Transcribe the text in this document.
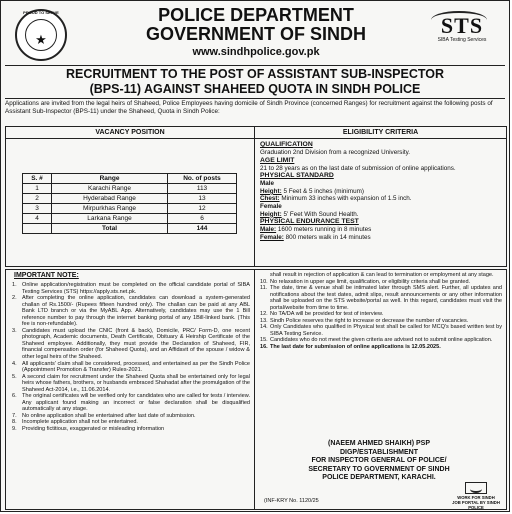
PROUD TO SERVE
★
POLICE DEPARTMENT
GOVERNMENT OF SINDH
www.sindhpolice.gov.pk
STS
SIBA Testing Services
RECRUITMENT TO THE POST OF ASSISTANT SUB-INSPECTOR
(BPS-11) AGAINST SHAHEED QUOTA IN SINDH POLICE
Applications are invited from the legal heirs of Shaheed, Police Employees having domicile of Sindh Province (concerned Ranges) for recruitment against the following posts of Assistant Sub-Inspector (BPS-11) under the Shaheed, Quota in Sindh Police:
VACANCY POSITION	ELIGIBILITY CRITERIA
S. #	Range	No. of posts
1	Karachi Range	113
2	Hyderabad Range	13
3	Mirpurkhas Range	12
4	Larkana Range	6
	Total	144
QUALIFICATION
Graduation 2nd Division from a recognized University.
AGE LIMIT
21 to 28 years as on the last date of submission of online applications.
PHYSICAL STANDARD
Male
Height: 5 Feet & 5 inches (minimum)
Chest: Minimum 33 inches with expansion of 1.5 inch.
Female
Height: 5' Feet With Sound Health.
PHYSICAL ENDURANCE TEST
Male: 1600 meters running in 8 minutes
Female: 800 meters walk in 14 minutes
IMPORTANT NOTE:
1. Online application/registration must be completed on the official candidate portal of SIBA Testing Services (STS) https://apply.sts.net.pk.
2. After completing the online application, candidates can download a system-generated challan of Rs.1500/- (Rupees fifteen hundred only). The challan can be paid at any ABL Bank LTD branch or via the MyABL App. Alternatively, candidates may use the 1 Bill reference number to pay through the internet banking portal of any 1Bill-linked bank. (This fee is non-refundable).
3. Candidates must upload the CNIC (front & back), Domicile, PRC/ Form-D, one recent photograph, Academic documents, Death Certificate, Obituary & Heirship Certificate of the Shaheed employee. Additionally, they must provide the Declaration of Shaheed, FIR, financial compensation order (for Shaheed Quota), and an Affidavit of the spouse / widow & other legal heirs of the Shaheed.
4. All applicants' claim shall be considered, processed, and entertained as per the Sindh Police (Appointment Promotion & Transfer) Rules-2021.
5. A second claim for recruitment under the Shaheed Quota shall be entertained only for legal heirs whose fathers, brothers, or husbands embraced Shahadat after the promulgation of the Shaheed Act-2014, i.e., 11.06.2014.
6. The original certificates will be verified only for candidates who are called for tests / interview. Any applicant found making an incorrect or false declaration shall be disqualified automatically at any stage.
7. No online application shall be entertained after last date of submission.
8. Incomplete application shall not be entertained.
9. Providing fictitious, exaggerated or misleading information
shall result in rejection of application & can lead to termination or employment at any stage.
10. No relaxation in upper age limit, qualification, or eligibility criteria shall be granted.
11. The date, time & venue shall be intimated later through SMS alert. Further, all updates and notifications about the test dates, admit slips, result announcements or any other information shall be uploaded on the STS website/portal as well. In this regard, candidates must visit the portal/website from time to time.
12. No TA/DA will be provided for test of interview.
13. Sindh Police reserves the right to increase or decrease the number of vacancies.
14. Only Candidates who qualified in Physical test shall be called for MCQ's based written test by SIBA Testing Service.
15. Candidates who do not meet the given criteria are advised not to submit online application.
16. The last date for submission of online applications is 12.05.2025.
(NAEEM AHMED SHAIKH) PSP
DIGP/ESTABLISHMENT
FOR INSPECTOR GENERAL OF POLICE/
SECRETARY TO GOVERNMENT OF SINDH
POLICE DEPARTMENT, KARACHI.
(INF-KRY No. 1120/25
WORK FOR SINDH
JOB PORTAL BY SINDH POLICE
